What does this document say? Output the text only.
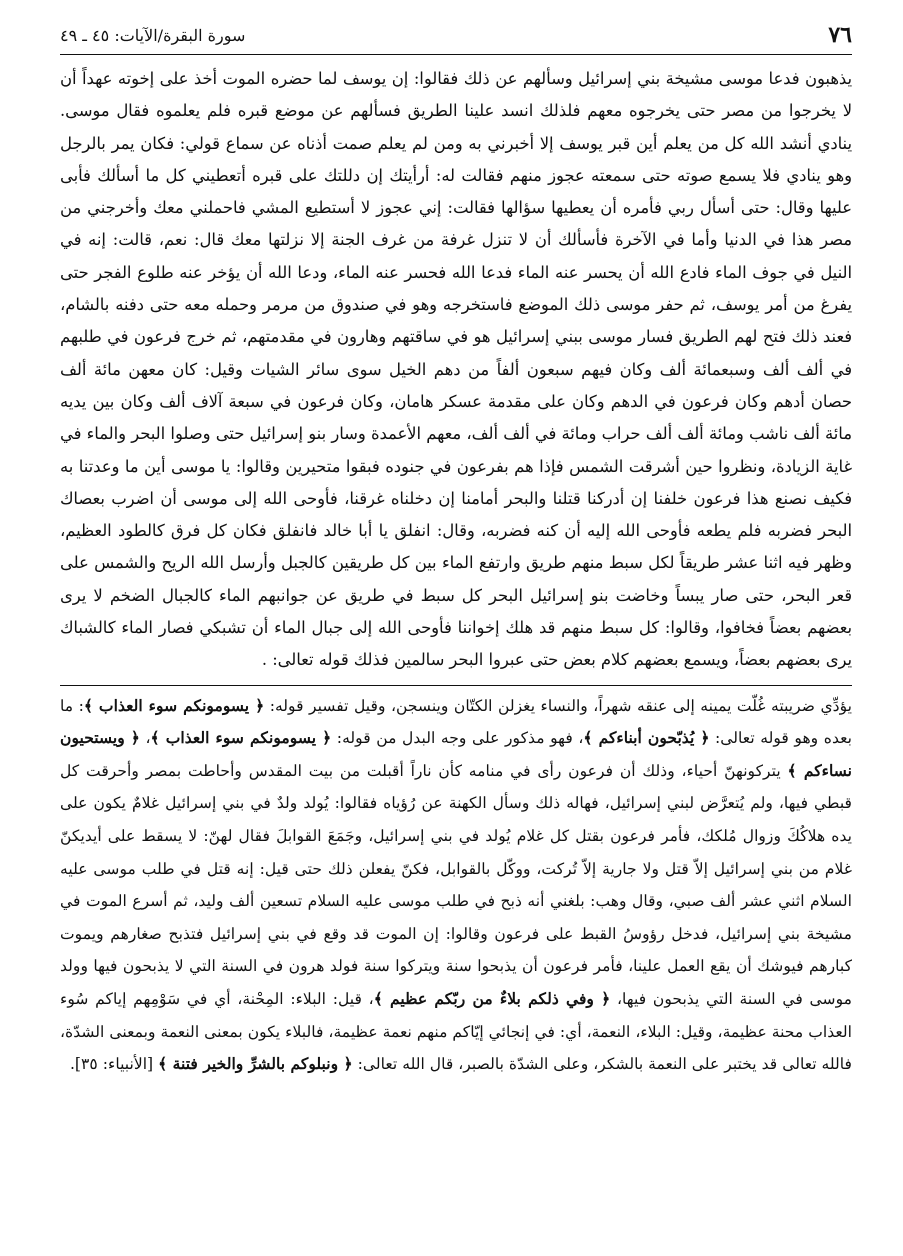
٧٦
سورة البقرة/الآيات: ٤٥ ـ ٤٩

يذهبون فدعا موسى مشيخة بني إسرائيل وسألهم عن ذلك فقالوا: إن يوسف لما حضره الموت أخذ على إخوته عهداً أن لا يخرجوا من مصر حتى يخرجوه معهم فلذلك انسد علينا الطريق فسألهم عن موضع قبره فلم يعلموه فقال موسى. ينادي أنشد الله كل من يعلم أين قبر يوسف إلا أخبرني به ومن لم يعلم صمت أذناه عن سماع قولي: فكان يمر بالرجل وهو ينادي فلا يسمع صوته حتى سمعته عجوز منهم فقالت له: أرأيتك إن دللتك على قبره أتعطيني كل ما أسألك فأبى عليها وقال: حتى أسأل ربي فأمره أن يعطيها سؤالها فقالت: إني عجوز لا أستطيع المشي فاحملني معك وأخرجني من مصر هذا في الدنيا وأما في الآخرة فأسألك أن لا تنزل غرفة من غرف الجنة إلا نزلتها معك قال: نعم، قالت: إنه في النيل في جوف الماء فادع الله أن يحسر عنه الماء فدعا الله فحسر عنه الماء، ودعا الله أن يؤخر عنه طلوع الفجر حتى يفرغ من أمر يوسف، ثم حفر موسى ذلك الموضع فاستخرجه وهو في صندوق من مرمر وحمله معه حتى دفنه بالشام، فعند ذلك فتح لهم الطريق فسار موسى ببني إسرائيل هو في ساقتهم وهارون في مقدمتهم، ثم خرج فرعون في طلبهم في ألف ألف وسبعمائة ألف وكان فيهم سبعون ألفاً من دهم الخيل سوى سائر الشيات وقيل: كان معهن مائة ألف حصان أدهم وكان فرعون في الدهم وكان على مقدمة عسكر هامان، وكان فرعون في سبعة آلاف ألف وكان بين يديه مائة ألف ناشب ومائة ألف ألف حراب ومائة في ألف ألف، معهم الأعمدة وسار بنو إسرائيل حتى وصلوا البحر والماء في غاية الزيادة، ونظروا حين أشرقت الشمس فإذا هم بفرعون في جنوده فبقوا متحيرين وقالوا: يا موسى أين ما وعدتنا به فكيف نصنع هذا فرعون خلفنا إن أدركنا قتلنا والبحر أمامنا إن دخلناه غرقنا، فأوحى الله إلى موسى أن اضرب بعصاك البحر فضربه فلم يطعه فأوحى الله إليه أن كنه فضربه، وقال: انفلق يا أبا خالد فانفلق فكان كل فرق كالطود العظيم، وظهر فيه اثنا عشر طريقاً لكل سبط منهم طريق وارتفع الماء بين كل طريقين كالجبل وأرسل الله الريح والشمس على قعر البحر، حتى صار يبساً وخاضت بنو إسرائيل البحر كل سبط في طريق عن جوانبهم الماء كالجبال الضخم لا يرى بعضهم بعضاً فخافوا، وقالوا: كل سبط منهم قد هلك إخواننا فأوحى الله إلى جبال الماء أن تشبكي فصار الماء كالشباك يرى بعضهم بعضاً، ويسمع بعضهم كلام بعض حتى عبروا البحر سالمين فذلك قوله تعالى: .

يؤدِّي ضريبته غُلّت يمينه إلى عنقه شهراً، والنساء يغزلن الكتّان وينسجن، وقيل تفسير قوله: ﴿ يسومونكم سوء العذاب ﴾: ما بعده وهو قوله تعالى: ﴿ يُذبّحون أبناءكم ﴾، فهو مذكور على وجه البدل من قوله: ﴿ يسومونكم سوء العذاب ﴾، ﴿ ويستحيون نساءكم ﴾ يتركونهنّ أحياء، وذلك أن فرعون رأى في منامه كأن ناراً أقبلت من بيت المقدس وأحاطت بمصر وأحرقت كل قبطي فيها، ولم يُتعرَّض لبني إسرائيل، فهاله ذلك وسأل الكهنة عن رُؤياه فقالوا: يُولد ولدٌ في بني إسرائيل غلامٌ يكون على يده هلاكُكَ وزوال مُلكك، فأمر فرعون بقتل كل غلام يُولد في بني إسرائيل، وجَمَعَ القوابلَ فقال لهنّ: لا يسقط على أيديكنّ غلام من بني إسرائيل إلاّ قتل ولا جارية إلاّ تُركت، ووكّل بالقوابل، فكنّ يفعلن ذلك حتى قيل: إنه قتل في طلب موسى عليه السلام اثني عشر ألف صبي، وقال وهب: بلغني أنه ذبح في طلب موسى عليه السلام تسعين ألف وليد، ثم أسرع الموت في مشيخة بني إسرائيل، فدخل رؤوسُ القبط على فرعون وقالوا: إن الموت قد وقع في بني إسرائيل فتذبح صغارهم ويموت كبارهم فيوشك أن يقع العمل علينا، فأمر فرعون أن يذبحوا سنة ويتركوا سنة فولد هرون في السنة التي لا يذبحون فيها وولد موسى في السنة التي يذبحون فيها، ﴿ وفي ذلكم بلاءٌ من ربّكم عظيم ﴾، قيل: البلاء: المِحْنة، أي في سَوْمِهم إياكم سُوء العذاب محنة عظيمة، وقيل: البلاء، النعمة، أي: في إنجائي إيّاكم منهم نعمة عظيمة، فالبلاء يكون بمعنى النعمة وبمعنى الشدّة، فالله تعالى قد يختبر على النعمة بالشكر، وعلى الشدّة بالصبر، قال الله تعالى: ﴿ ونبلوكم بالشرِّ والخير فتنة ﴾ [الأنبياء: ٣٥].
